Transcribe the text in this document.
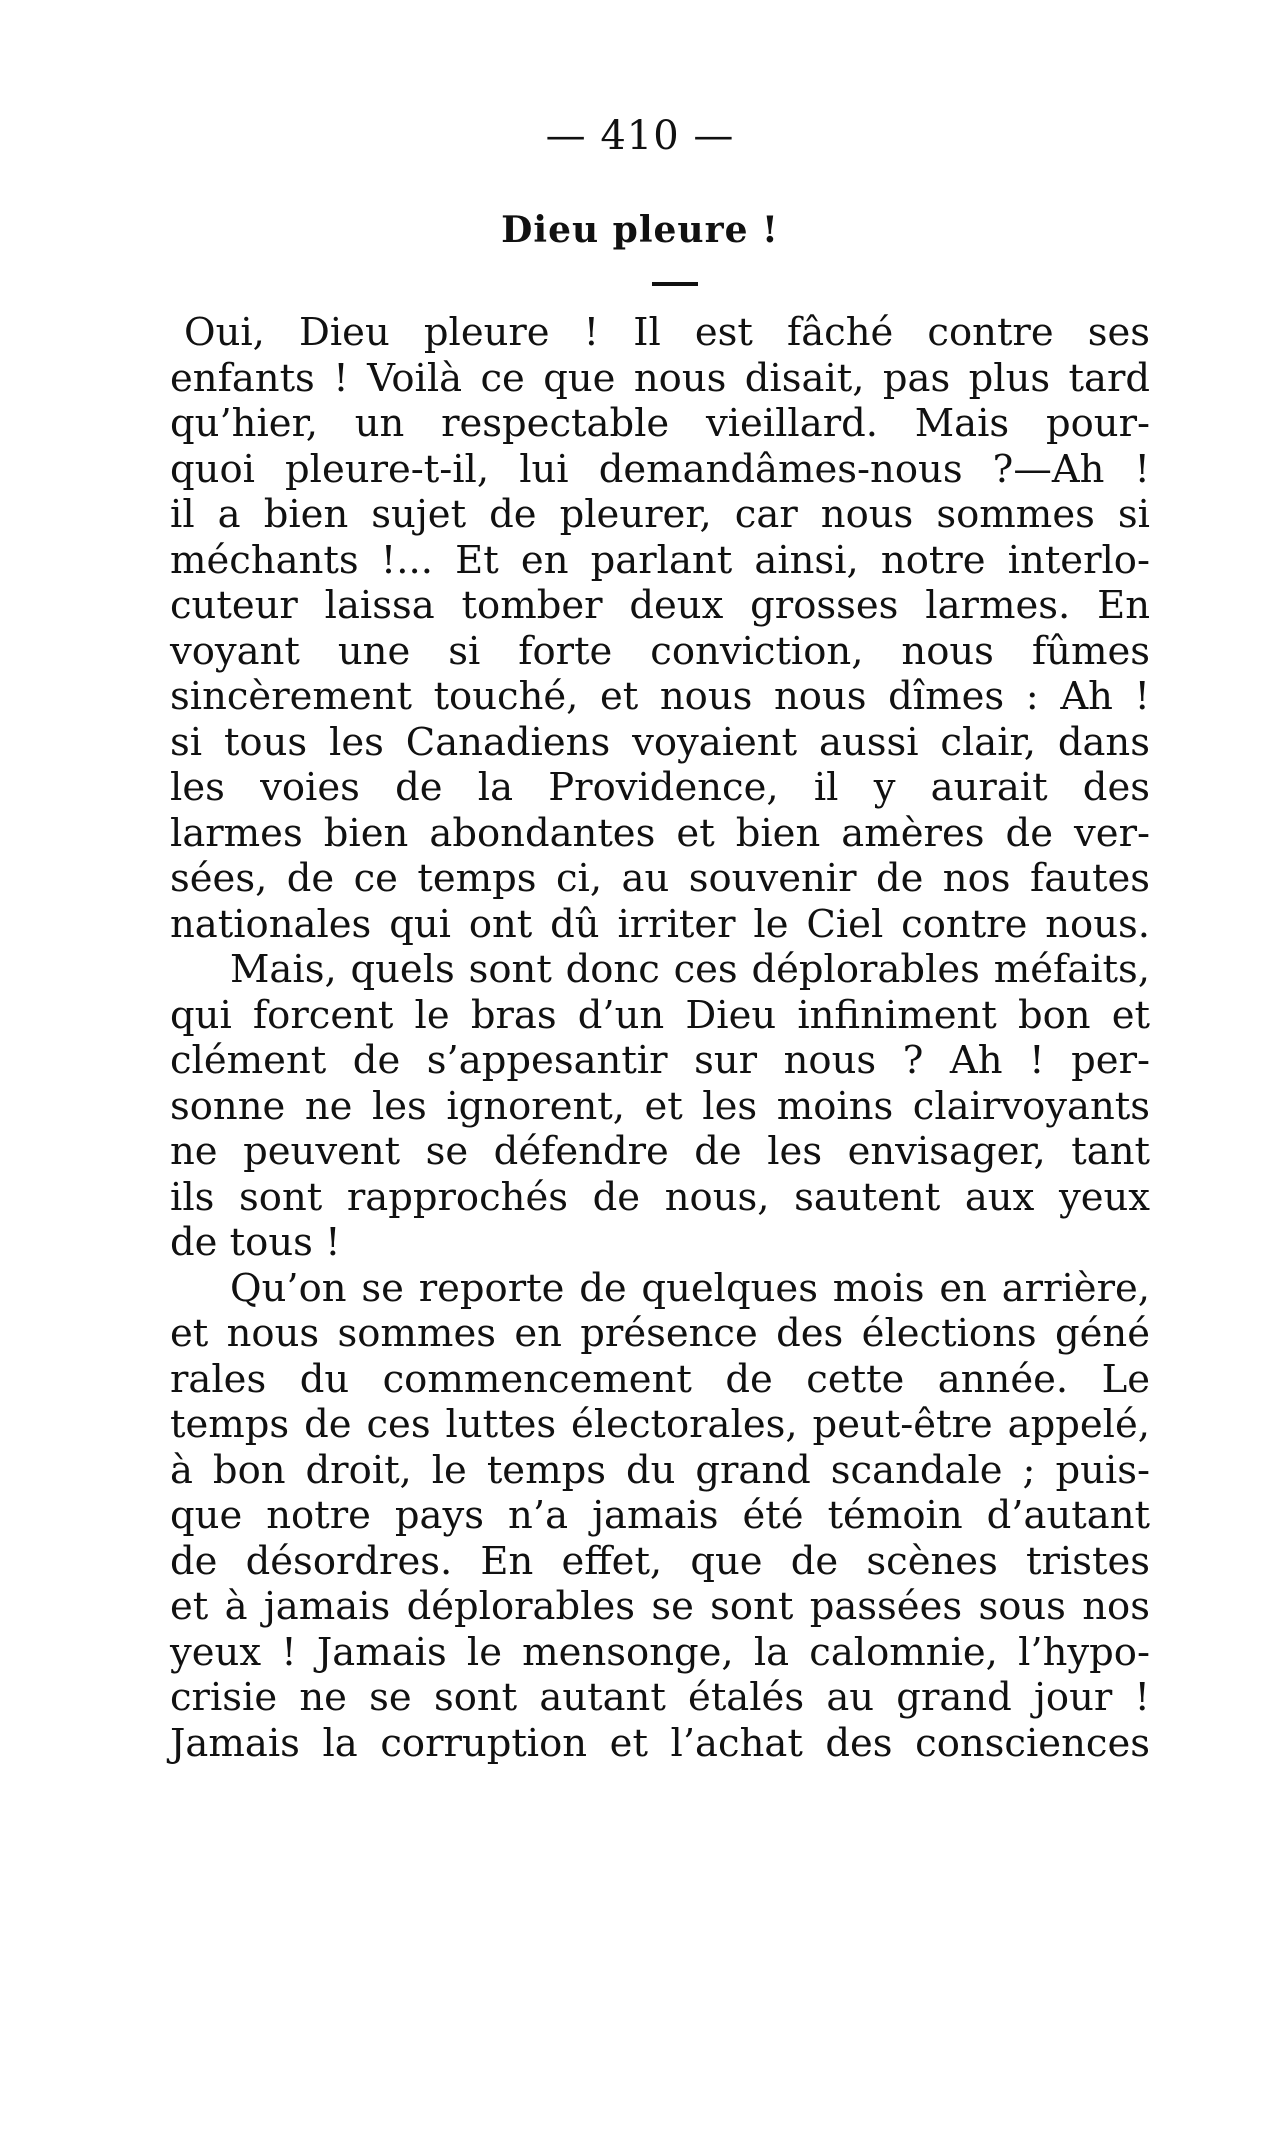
— 410 —
Dieu pleure !
Oui, Dieu pleure ! Il est fâché contre ses
enfants ! Voilà ce que nous disait, pas plus tard
qu’hier, un respectable vieillard. Mais pour-
quoi pleure-t-il, lui demandâmes-nous ?—Ah !
il a bien sujet de pleurer, car nous sommes si
méchants !... Et en parlant ainsi, notre interlo-
cuteur laissa tomber deux grosses larmes. En
voyant une si forte conviction, nous fûmes
sincèrement touché, et nous nous dîmes : Ah !
si tous les Canadiens voyaient aussi clair, dans
les voies de la Providence, il y aurait des
larmes bien abondantes et bien amères de ver-
sées, de ce temps ci, au souvenir de nos fautes
nationales qui ont dû irriter le Ciel contre nous.
Mais, quels sont donc ces déplorables méfaits,
qui forcent le bras d’un Dieu infiniment bon et
clément de s’appesantir sur nous ? Ah ! per-
sonne ne les ignorent, et les moins clairvoyants
ne peuvent se défendre de les envisager, tant
ils sont rapprochés de nous, sautent aux yeux
de tous !
Qu’on se reporte de quelques mois en arrière,
et nous sommes en présence des élections géné
rales du commencement de cette année. Le
temps de ces luttes électorales, peut-être appelé,
à bon droit, le temps du grand scandale ; puis-
que notre pays n’a jamais été témoin d’autant
de désordres. En effet, que de scènes tristes
et à jamais déplorables se sont passées sous nos
yeux ! Jamais le mensonge, la calomnie, l’hypo-
crisie ne se sont autant étalés au grand jour !
Jamais la corruption et l’achat des consciences
